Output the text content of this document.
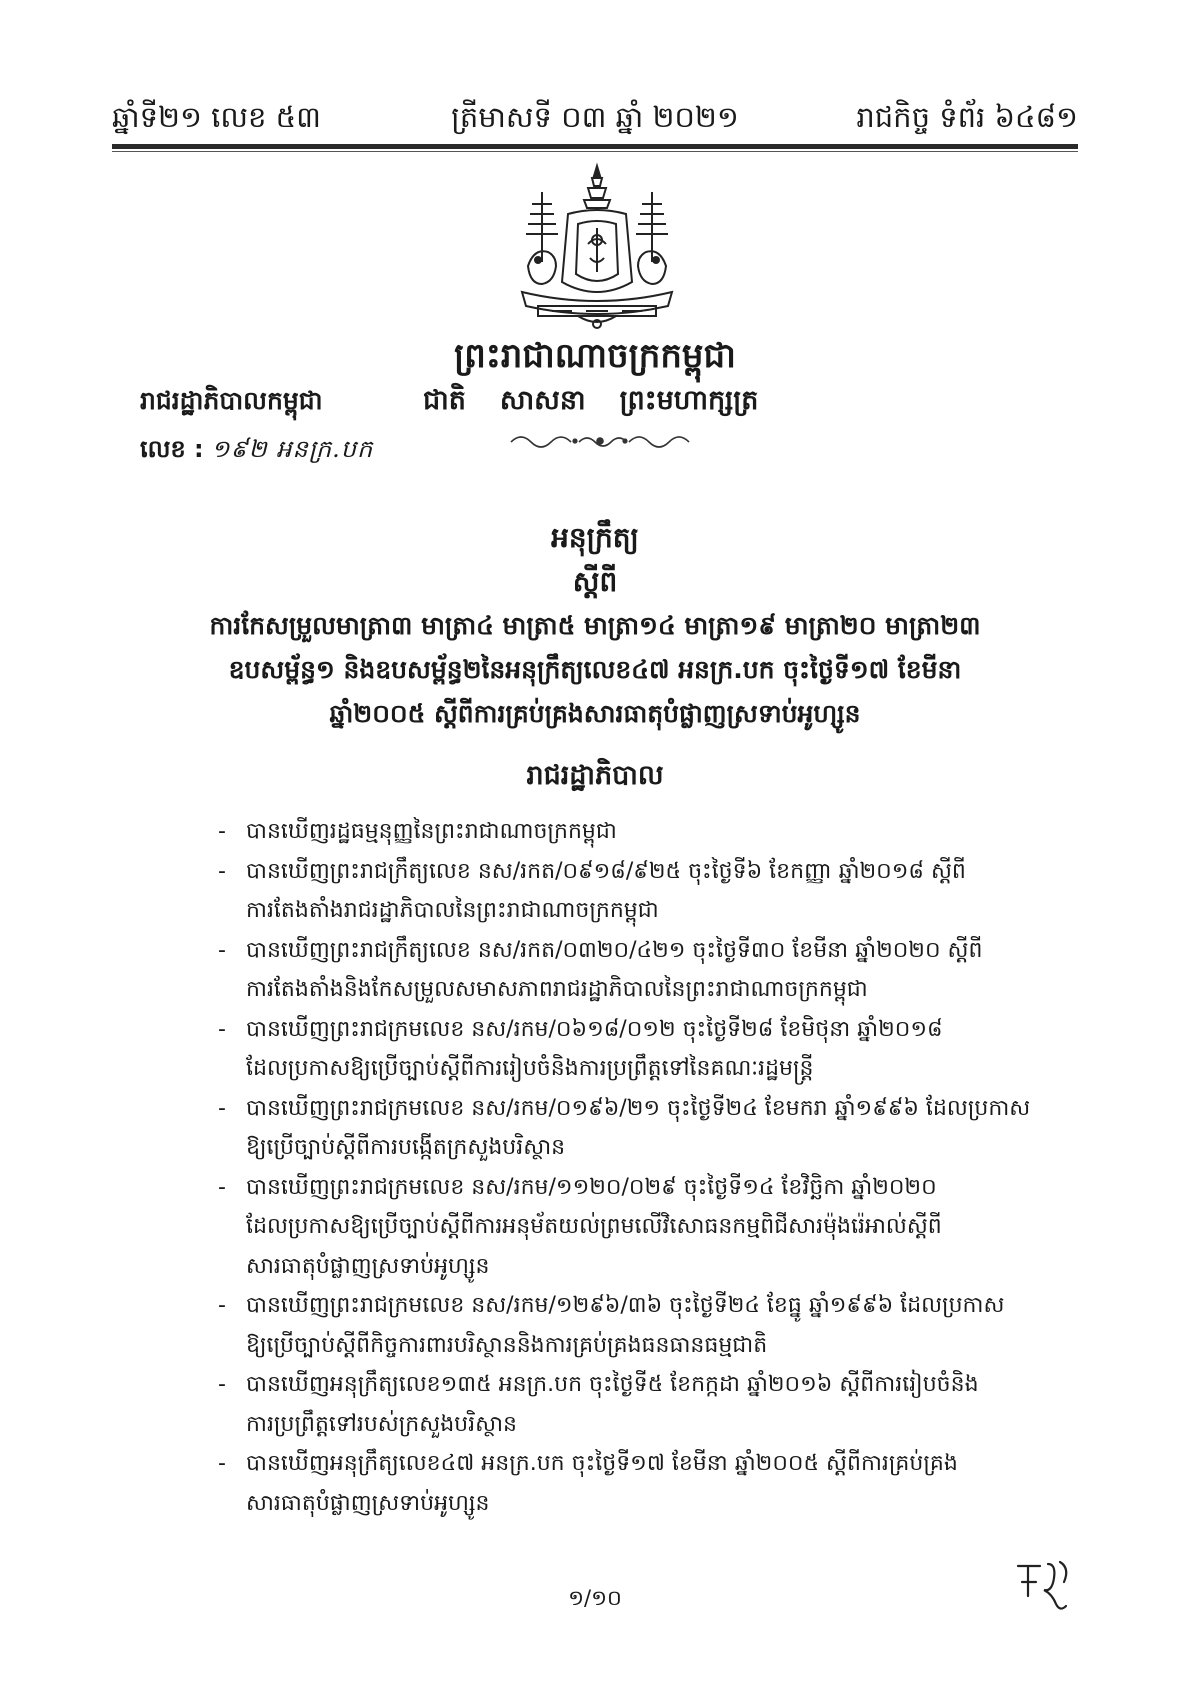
ឆ្នាំទី២១ លេខ ៥៣	ត្រីមាសទី ០៣ ឆ្នាំ ២០២១	រាជកិច្ច ទំព័រ ៦៤៨១
ព្រះរាជាណាចក្រកម្ពុជា
រាជរដ្ឋាភិបាលកម្ពុជា	ជាតិ សាសនា ព្រះមហាក្សត្រ
លេខ : ១៩២ អនក្រ.បក
អនុក្រឹត្យ
ស្តីពី
ការកែសម្រួលមាត្រា៣ មាត្រា៤ មាត្រា៥ មាត្រា១៤ មាត្រា១៩ មាត្រា២០ មាត្រា២៣
ឧបសម្ព័ន្ធ១ និងឧបសម្ព័ន្ធ២នៃអនុក្រឹត្យលេខ៤៧ អនក្រ.បក ចុះថ្ងៃទី១៧ ខែមីនា
ឆ្នាំ២០០៥ ស្តីពីការគ្រប់គ្រងសារធាតុបំផ្លាញស្រទាប់អូហ្សូន
រាជរដ្ឋាភិបាល
- បានឃើញរដ្ឋធម្មនុញ្ញនៃព្រះរាជាណាចក្រកម្ពុជា
- បានឃើញព្រះរាជក្រឹត្យលេខ នស/រកត/០៩១៨/៩២៥ ចុះថ្ងៃទី៦ ខែកញ្ញា ឆ្នាំ២០១៨ ស្តីពី
ការតែងតាំងរាជរដ្ឋាភិបាលនៃព្រះរាជាណាចក្រកម្ពុជា
- បានឃើញព្រះរាជក្រឹត្យលេខ នស/រកត/០៣២០/៤២១ ចុះថ្ងៃទី៣០ ខែមីនា ឆ្នាំ២០២០ ស្តីពី
ការតែងតាំងនិងកែសម្រួលសមាសភាពរាជរដ្ឋាភិបាលនៃព្រះរាជាណាចក្រកម្ពុជា
- បានឃើញព្រះរាជក្រមលេខ នស/រកម/០៦១៨/០១២ ចុះថ្ងៃទី២៨ ខែមិថុនា ឆ្នាំ២០១៨
ដែលប្រកាសឱ្យប្រើច្បាប់ស្តីពីការរៀបចំនិងការប្រព្រឹត្តទៅនៃគណៈរដ្ឋមន្ត្រី
- បានឃើញព្រះរាជក្រមលេខ នស/រកម/០១៩៦/២១ ចុះថ្ងៃទី២៤ ខែមករា ឆ្នាំ១៩៩៦ ដែលប្រកាស
ឱ្យប្រើច្បាប់ស្តីពីការបង្កើតក្រសួងបរិស្ថាន
- បានឃើញព្រះរាជក្រមលេខ នស/រកម/១១២០/០២៩ ចុះថ្ងៃទី១៤ ខែវិច្ឆិកា ឆ្នាំ២០២០
ដែលប្រកាសឱ្យប្រើច្បាប់ស្តីពីការអនុម័តយល់ព្រមលើវិសោធនកម្មពិជីសារម៉ុងរ៉េអាល់ស្តីពី
សារធាតុបំផ្លាញស្រទាប់អូហ្សូន
- បានឃើញព្រះរាជក្រមលេខ នស/រកម/១២៩៦/៣៦ ចុះថ្ងៃទី២៤ ខែធ្នូ ឆ្នាំ១៩៩៦ ដែលប្រកាស
ឱ្យប្រើច្បាប់ស្តីពីកិច្ចការពារបរិស្ថាននិងការគ្រប់គ្រងធនធានធម្មជាតិ
- បានឃើញអនុក្រឹត្យលេខ១៣៥ អនក្រ.បក ចុះថ្ងៃទី៥ ខែកក្កដា ឆ្នាំ២០១៦ ស្តីពីការរៀបចំនិង
ការប្រព្រឹត្តទៅរបស់ក្រសួងបរិស្ថាន
- បានឃើញអនុក្រឹត្យលេខ៤៧ អនក្រ.បក ចុះថ្ងៃទី១៧ ខែមីនា ឆ្នាំ២០០៥ ស្តីពីការគ្រប់គ្រង
សារធាតុបំផ្លាញស្រទាប់អូហ្សូន
១/១០
